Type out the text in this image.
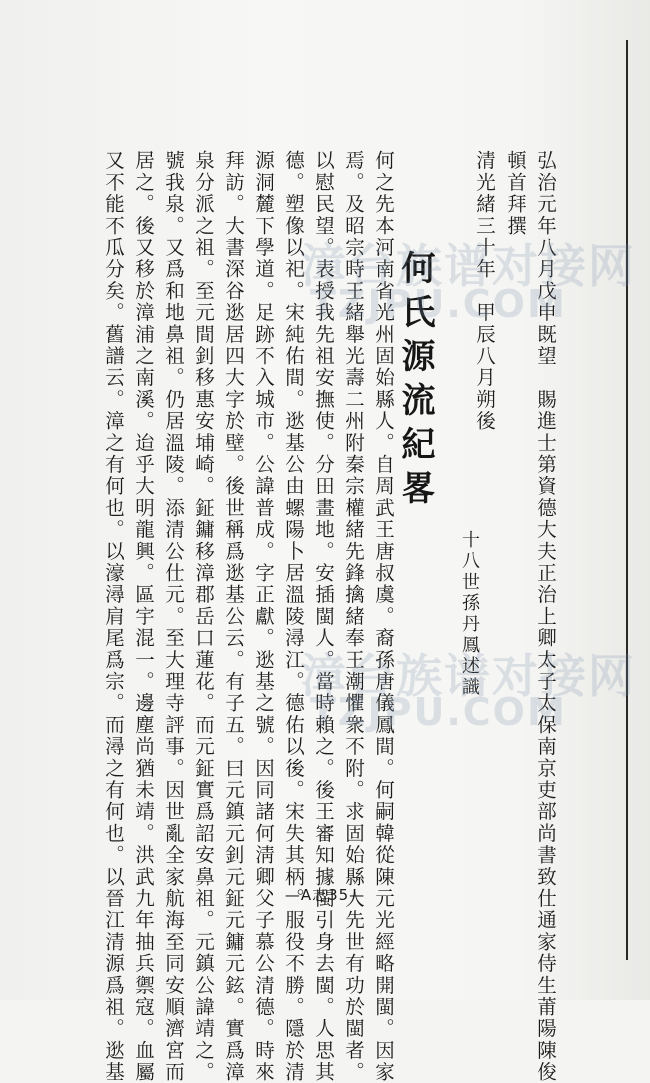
弘治元年八月戊申既望　賜進士第資德大夫正治上卿太子太保南京吏部尚書致仕通家侍生莆陽陳俊
頓首拜撰
清光緒三十年　甲辰八月朔後
何氏源流紀畧
十八世孫丹鳳述識
何之先本河南省光州固始縣人。自周武王唐叔虞。裔孫唐儀鳳間。何嗣韓從陳元光經略開閩。因家
焉。及昭宗時王緒舉光壽二州附秦宗權緒先鋒擒緒奉王潮懼衆不附。求固始縣人先世有功於閩者。
以慰民望。表授我先祖安撫使。分田畫地。安插閩人。當時賴之。後王審知據閩引身去閩。人思其
德。塑像以祀。宋純佑間。逖基公由螺陽卜居溫陵潯江。德佑以後。宋失其柄。服役不勝。隱於清
源洞麓下學道。足跡不入城市。公諱普成。字正獻。逖基之號。因同諸何淸卿父子慕公清德。時來
拜訪。大書深谷逖居四大字於壁。後世稱爲逖基公云。有子五。曰元鎮元釗元鉦元鏞元鉉。實爲漳
泉分派之祖。至元間釗移惠安埔崎。鉦鏞移漳郡岳口蓮花。而元鉦實爲詔安鼻祖。元鎮公諱靖之。
號我泉。又爲和地鼻祖。仍居溫陵。添清公仕元。至大理寺評事。因世亂全家航海至同安順濟宮而
居之。後又移於漳浦之南溪。迨乎大明龍興。區宇混一。邊塵尚猶未靖。洪武九年抽兵禦寇。血屬
又不能不瓜分矣。舊譜云。漳之有何也。以濠潯肩尾爲宗。而潯之有何也。以晉江清源爲祖。逖基	—A志35—
漳台族谱对接网
TZJPU.COM
漳台族谱对接网
TZJPU.COM
